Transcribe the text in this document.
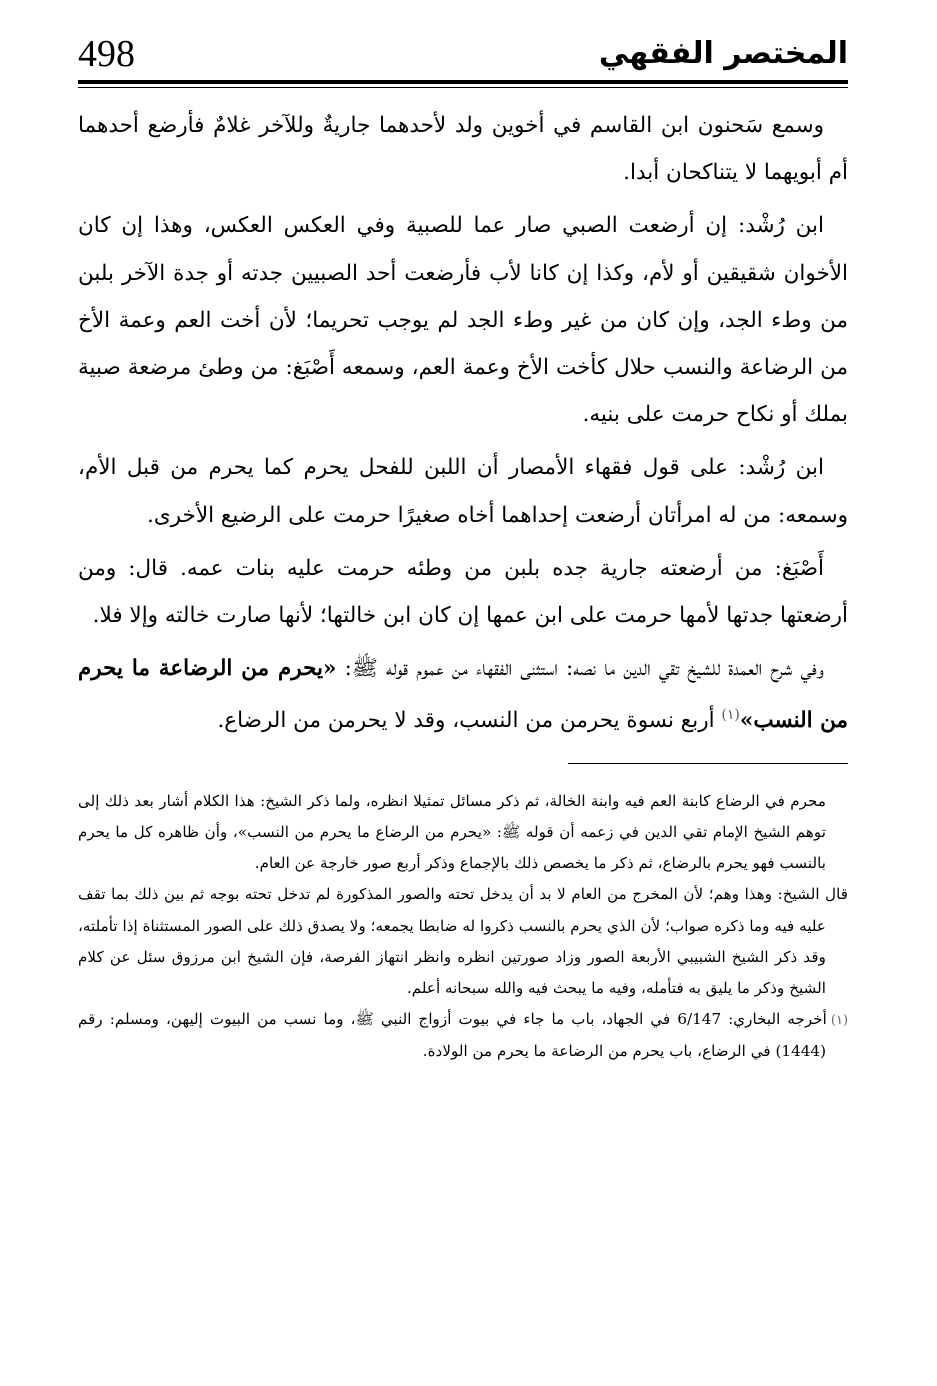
498	المختصر الفقهي

وسمع سَحنون ابن القاسم في أخوين ولد لأحدهما جاريةٌ وللآخر غلامٌ فأرضع أحدهما أم أبويهما لا يتناكحان أبدا.

ابن رُشْد: إن أرضعت الصبي صار عما للصبية وفي العكس العكس، وهذا إن كان الأخوان شقيقين أو لأم، وكذا إن كانا لأب فأرضعت أحد الصبيين جدته أو جدة الآخر بلبن من وطء الجد، وإن كان من غير وطء الجد لم يوجب تحريما؛ لأن أخت العم وعمة الأخ من الرضاعة والنسب حلال كأخت الأخ وعمة العم، وسمعه أَصْبَغ: من وطئ مرضعة صبية بملك أو نكاح حرمت على بنيه.

ابن رُشْد: على قول فقهاء الأمصار أن اللبن للفحل يحرم كما يحرم من قبل الأم، وسمعه: من له امرأتان أرضعت إحداهما أخاه صغيرًا حرمت على الرضيع الأخرى.

أَصْبَغ: من أرضعته جارية جده بلبن من وطئه حرمت عليه بنات عمه. قال: ومن أرضعتها جدتها لأمها حرمت على ابن عمها إن كان ابن خالتها؛ لأنها صارت خالته وإلا فلا.

وفي شرح العمدة للشيخ تقي الدين ما نصه: استثنى الفقهاء من عموم قوله ﷺ: «يحرم من الرضاعة ما يحرم من النسب»$^{(١)}$ أربع نسوة يحرمن من النسب، وقد لا يحرمن من الرضاع.

محرم في الرضاع كابنة العم فيه وابنة الخالة، ثم ذكر مسائل تمثيلا انظره، ولما ذكر الشيخ: هذا الكلام أشار بعد ذلك إلى توهم الشيخ الإمام تقي الدين في زعمه أن قوله ﷺ: «يحرم من الرضاع ما يحرم من النسب»، وأن ظاهره كل ما يحرم بالنسب فهو يحرم بالرضاع، ثم ذكر ما يخصص ذلك بالإجماع وذكر أربع صور خارجة عن العام.

قال الشيخ: وهذا وهم؛ لأن المخرج من العام لا بد أن يدخل تحته والصور المذكورة لم تدخل تحته بوجه ثم بين ذلك بما تقف عليه فيه وما ذكره صواب؛ لأن الذي يحرم بالنسب ذكروا له ضابطا يجمعه؛ ولا يصدق ذلك على الصور المستثناة إذا تأملته، وقد ذكر الشيخ الشبيبي الأربعة الصور وزاد صورتين انظره وانظر انتهاز الفرصة، فإن الشيخ ابن مرزوق سئل عن كلام الشيخ وذكر ما يليق به فتأمله، وفيه ما يبحث فيه والله سبحانه أعلم.

(١)أخرجه البخاري: 6/147 في الجهاد، باب ما جاء في بيوت أزواج النبي ﷺ، وما نسب من البيوت إليهن، ومسلم: رقم (1444) في الرضاع، باب يحرم من الرضاعة ما يحرم من الولادة.
